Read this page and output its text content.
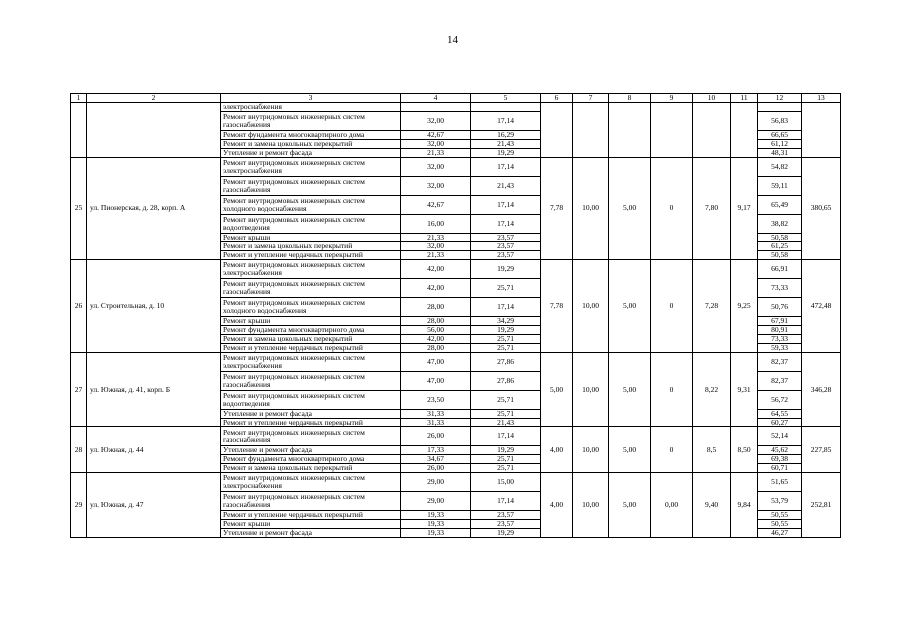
14
1	2	3	4	5	6	7	8	9	10	11	12	13
		электроснабжения										
		Ремонт внутридомовых инженерных систем газоснабжения	32,00	17,14							56,83	
		Ремонт фундамента многоквартирного дома	42,67	16,29							66,65	
		Ремонт и замена цокольных перекрытий	32,00	21,43							61,12	
		Утепление и ремонт фасада	21,33	19,29							48,31	
25	ул. Пионерская, д. 28, корп. А	Ремонт внутридомовых инженерных систем электроснабжения	32,00	17,14	7,78	10,00	5,00	0	7,80	9,17	54,82	380,65
		Ремонт внутридомовых инженерных систем газоснабжения	32,00	21,43							59,11	
		Ремонт внутридомовых инженерных систем холодного водоснабжения	42,67	17,14							65,49	
		Ремонт внутридомовых инженерных систем водоотведения	16,00	17,14							38,82	
		Ремонт крыши	21,33	23,57							50,58	
		Ремонт и замена цокольных перекрытий	32,00	23,57							61,25	
		Ремонт и утепление чердачных перекрытий	21,33	23,57							50,58	
26	ул. Строительная, д. 10	Ремонт внутридомовых инженерных систем электроснабжения	42,00	19,29	7,78	10,00	5,00	0	7,28	9,25	66,91	472,48
		Ремонт внутридомовых инженерных систем газоснабжения	42,00	25,71							73,33	
		Ремонт внутридомовых инженерных систем холодного водоснабжения	28,00	17,14							50,76	
		Ремонт крыши	28,00	34,29							67,91	
		Ремонт фундамента многоквартирного дома	56,00	19,29							80,91	
		Ремонт и замена цокольных перекрытий	42,00	25,71							73,33	
		Ремонт и утепление чердачных перекрытий	28,00	25,71							59,33	
27	ул. Южная, д. 41, корп. Б	Ремонт внутридомовых инженерных систем электроснабжения	47,00	27,86	5,00	10,00	5,00	0	8,22	9,31	82,37	346,28
		Ремонт внутридомовых инженерных систем газоснабжения	47,00	27,86							82,37	
		Ремонт внутридомовых инженерных систем водоотведения	23,50	25,71							56,72	
		Утепление и ремонт фасада	31,33	25,71							64,55	
		Ремонт и утепление чердачных перекрытий	31,33	21,43							60,27	
28	ул. Южная, д. 44	Ремонт внутридомовых инженерных систем газоснабжения	26,00	17,14	4,00	10,00	5,00	0	8,5	8,50	52,14	227,85
		Утепление и ремонт фасада	17,33	19,29							45,62	
		Ремонт фундамента многоквартирного дома	34,67	25,71							69,38	
		Ремонт и замена цокольных перекрытий	26,00	25,71							60,71	
29	ул. Южная, д. 47	Ремонт внутридомовых инженерных систем электроснабжения	29,00	15,00	4,00	10,00	5,00	0,00	9,40	9,84	51,65	252,81
		Ремонт внутридомовых инженерных систем газоснабжения	29,00	17,14							53,79	
		Ремонт и утепление чердачных перекрытий	19,33	23,57							50,55	
		Ремонт крыши	19,33	23,57							50,55	
		Утепление и ремонт фасада	19,33	19,29							46,27	
